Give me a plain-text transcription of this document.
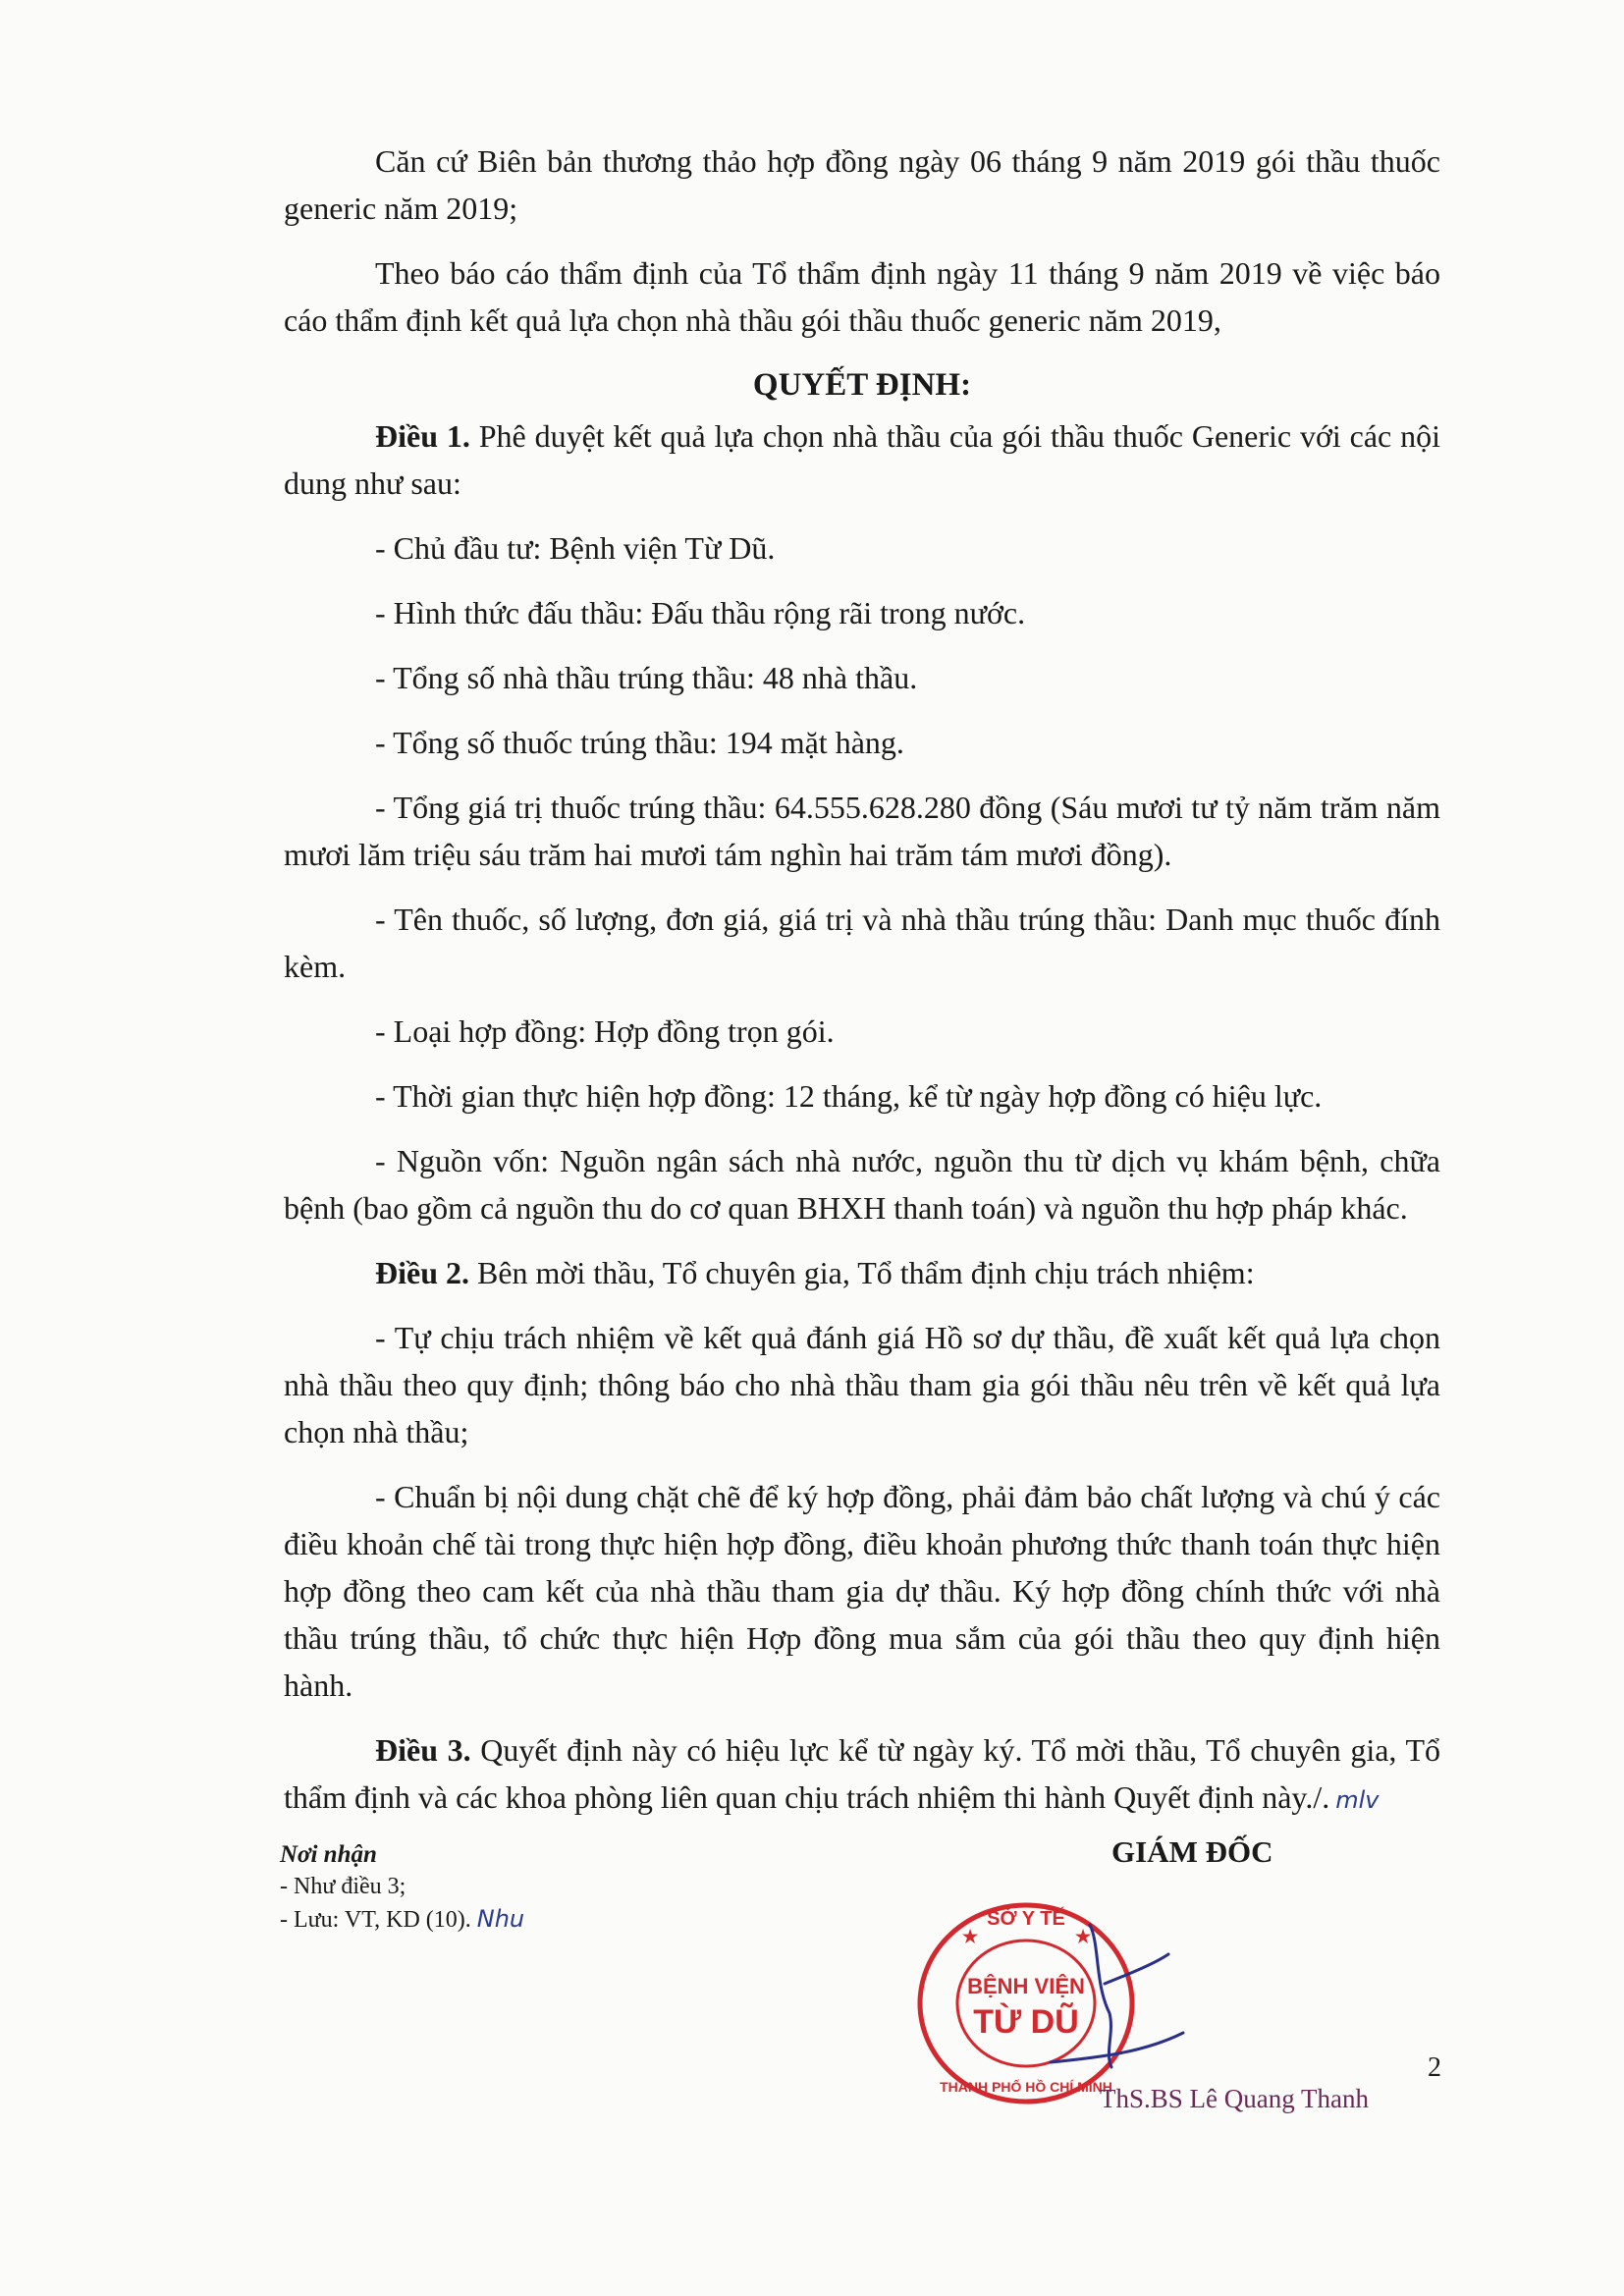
Căn cứ Biên bản thương thảo hợp đồng ngày 06 tháng 9 năm 2019 gói thầu thuốc generic năm 2019;

Theo báo cáo thẩm định của Tổ thẩm định ngày 11 tháng 9 năm 2019 về việc báo cáo thẩm định kết quả lựa chọn nhà thầu gói thầu thuốc generic năm 2019,

QUYẾT ĐỊNH:

Điều 1. Phê duyệt kết quả lựa chọn nhà thầu của gói thầu thuốc Generic với các nội dung như sau:

- Chủ đầu tư: Bệnh viện Từ Dũ.

- Hình thức đấu thầu: Đấu thầu rộng rãi trong nước.

- Tổng số nhà thầu trúng thầu: 48 nhà thầu.

- Tổng số thuốc trúng thầu: 194 mặt hàng.

- Tổng giá trị thuốc trúng thầu: 64.555.628.280 đồng (Sáu mươi tư tỷ năm trăm năm mươi lăm triệu sáu trăm hai mươi tám nghìn hai trăm tám mươi đồng).

- Tên thuốc, số lượng, đơn giá, giá trị và nhà thầu trúng thầu: Danh mục thuốc đính kèm.

- Loại hợp đồng: Hợp đồng trọn gói.

- Thời gian thực hiện hợp đồng: 12 tháng, kể từ ngày hợp đồng có hiệu lực.

- Nguồn vốn: Nguồn ngân sách nhà nước, nguồn thu từ dịch vụ khám bệnh, chữa bệnh (bao gồm cả nguồn thu do cơ quan BHXH thanh toán) và nguồn thu hợp pháp khác.

Điều 2. Bên mời thầu, Tổ chuyên gia, Tổ thẩm định chịu trách nhiệm:

- Tự chịu trách nhiệm về kết quả đánh giá Hồ sơ dự thầu, đề xuất kết quả lựa chọn nhà thầu theo quy định; thông báo cho nhà thầu tham gia gói thầu nêu trên về kết quả lựa chọn nhà thầu;

- Chuẩn bị nội dung chặt chẽ để ký hợp đồng, phải đảm bảo chất lượng và chú ý các điều khoản chế tài trong thực hiện hợp đồng, điều khoản phương thức thanh toán thực hiện hợp đồng theo cam kết của nhà thầu tham gia dự thầu. Ký hợp đồng chính thức với nhà thầu trúng thầu, tổ chức thực hiện Hợp đồng mua sắm của gói thầu theo quy định hiện hành.

Điều 3. Quyết định này có hiệu lực kể từ ngày ký. Tổ mời thầu, Tổ chuyên gia, Tổ thẩm định và các khoa phòng liên quan chịu trách nhiệm thi hành Quyết định này./. mlv

Nơi nhận
- Như điều 3;
- Lưu: VT, KD (10). Nhu
GIÁM ĐỐC
SỞ Y TẾ
BỆNH VIỆN
TỪ DŨ
THÀNH PHỐ HỒ CHÍ MINH
★	★
ThS.BS Lê Quang Thanh
2
